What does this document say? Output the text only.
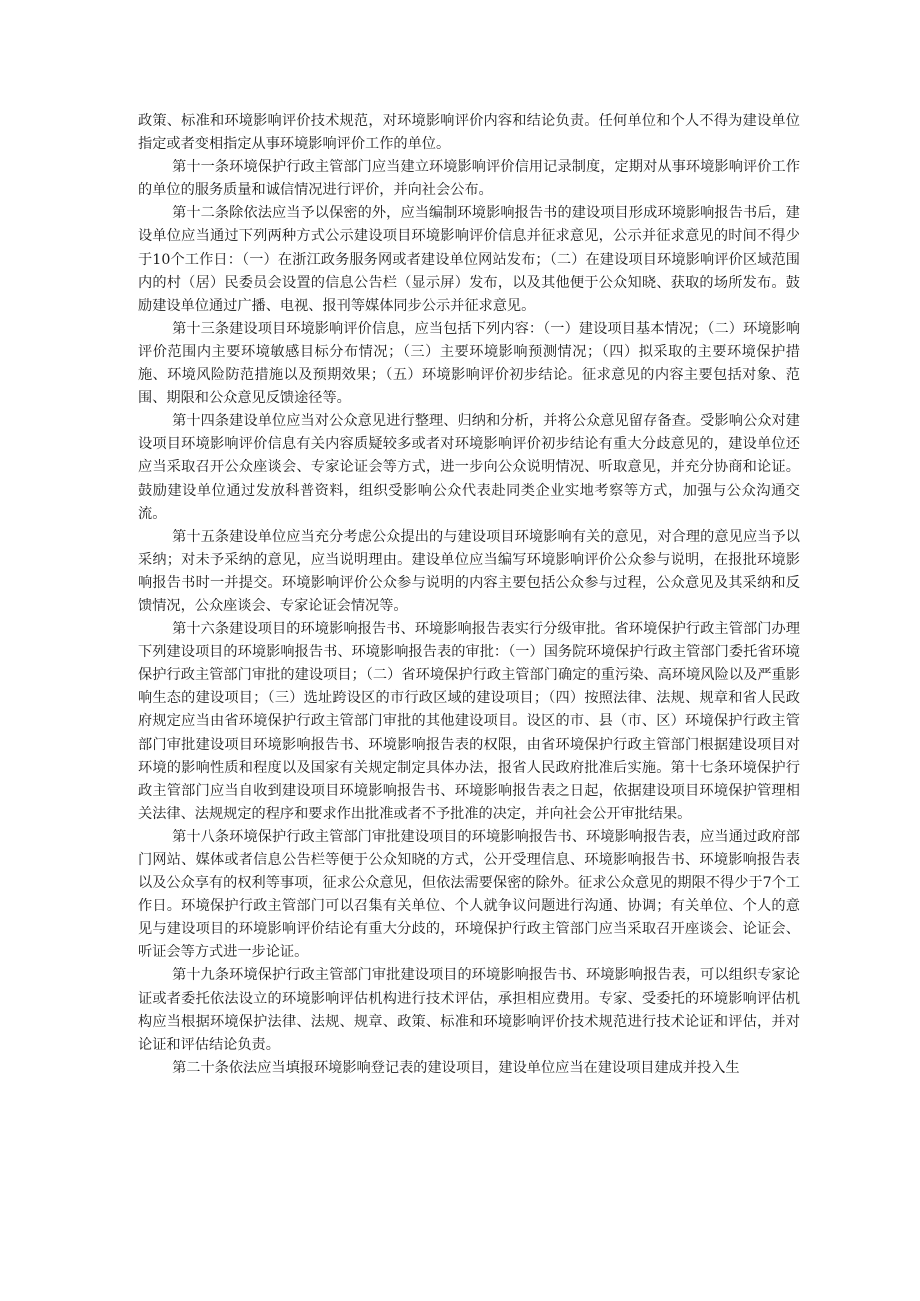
政策、标准和环境影响评价技术规范，对环境影响评价内容和结论负责。任何单位和个人不得为建设单位指定或者变相指定从事环境影响评价工作的单位。

第十一条环境保护行政主管部门应当建立环境影响评价信用记录制度，定期对从事环境影响评价工作的单位的服务质量和诚信情况进行评价，并向社会公布。

第十二条除依法应当予以保密的外，应当编制环境影响报告书的建设项目形成环境影响报告书后，建设单位应当通过下列两种方式公示建设项目环境影响评价信息并征求意见，公示并征求意见的时间不得少于10个工作日：（一）在浙江政务服务网或者建设单位网站发布；（二）在建设项目环境影响评价区域范围内的村（居）民委员会设置的信息公告栏（显示屏）发布，以及其他便于公众知晓、获取的场所发布。鼓励建设单位通过广播、电视、报刊等媒体同步公示并征求意见。

第十三条建设项目环境影响评价信息，应当包括下列内容：（一）建设项目基本情况；（二）环境影响评价范围内主要环境敏感目标分布情况；（三）主要环境影响预测情况；（四）拟采取的主要环境保护措施、环境风险防范措施以及预期效果；（五）环境影响评价初步结论。征求意见的内容主要包括对象、范围、期限和公众意见反馈途径等。

第十四条建设单位应当对公众意见进行整理、归纳和分析，并将公众意见留存备查。受影响公众对建设项目环境影响评价信息有关内容质疑较多或者对环境影响评价初步结论有重大分歧意见的，建设单位还应当采取召开公众座谈会、专家论证会等方式，进一步向公众说明情况、听取意见，并充分协商和论证。鼓励建设单位通过发放科普资料，组织受影响公众代表赴同类企业实地考察等方式，加强与公众沟通交流。

第十五条建设单位应当充分考虑公众提出的与建设项目环境影响有关的意见，对合理的意见应当予以采纳；对未予采纳的意见，应当说明理由。建设单位应当编写环境影响评价公众参与说明，在报批环境影响报告书时一并提交。环境影响评价公众参与说明的内容主要包括公众参与过程，公众意见及其采纳和反馈情况，公众座谈会、专家论证会情况等。

第十六条建设项目的环境影响报告书、环境影响报告表实行分级审批。省环境保护行政主管部门办理下列建设项目的环境影响报告书、环境影响报告表的审批：（一）国务院环境保护行政主管部门委托省环境保护行政主管部门审批的建设项目；（二）省环境保护行政主管部门确定的重污染、高环境风险以及严重影响生态的建设项目；（三）选址跨设区的市行政区域的建设项目；（四）按照法律、法规、规章和省人民政府规定应当由省环境保护行政主管部门审批的其他建设项目。设区的市、县（市、区）环境保护行政主管部门审批建设项目环境影响报告书、环境影响报告表的权限，由省环境保护行政主管部门根据建设项目对环境的影响性质和程度以及国家有关规定制定具体办法，报省人民政府批准后实施。第十七条环境保护行政主管部门应当自收到建设项目环境影响报告书、环境影响报告表之日起，依据建设项目环境保护管理相关法律、法规规定的程序和要求作出批准或者不予批准的决定，并向社会公开审批结果。

第十八条环境保护行政主管部门审批建设项目的环境影响报告书、环境影响报告表，应当通过政府部门网站、媒体或者信息公告栏等便于公众知晓的方式，公开受理信息、环境影响报告书、环境影响报告表以及公众享有的权利等事项，征求公众意见，但依法需要保密的除外。征求公众意见的期限不得少于7个工作日。环境保护行政主管部门可以召集有关单位、个人就争议问题进行沟通、协调；有关单位、个人的意见与建设项目的环境影响评价结论有重大分歧的，环境保护行政主管部门应当采取召开座谈会、论证会、听证会等方式进一步论证。

第十九条环境保护行政主管部门审批建设项目的环境影响报告书、环境影响报告表，可以组织专家论证或者委托依法设立的环境影响评估机构进行技术评估，承担相应费用。专家、受委托的环境影响评估机构应当根据环境保护法律、法规、规章、政策、标准和环境影响评价技术规范进行技术论证和评估，并对论证和评估结论负责。

第二十条依法应当填报环境影响登记表的建设项目，建设单位应当在建设项目建成并投入生
